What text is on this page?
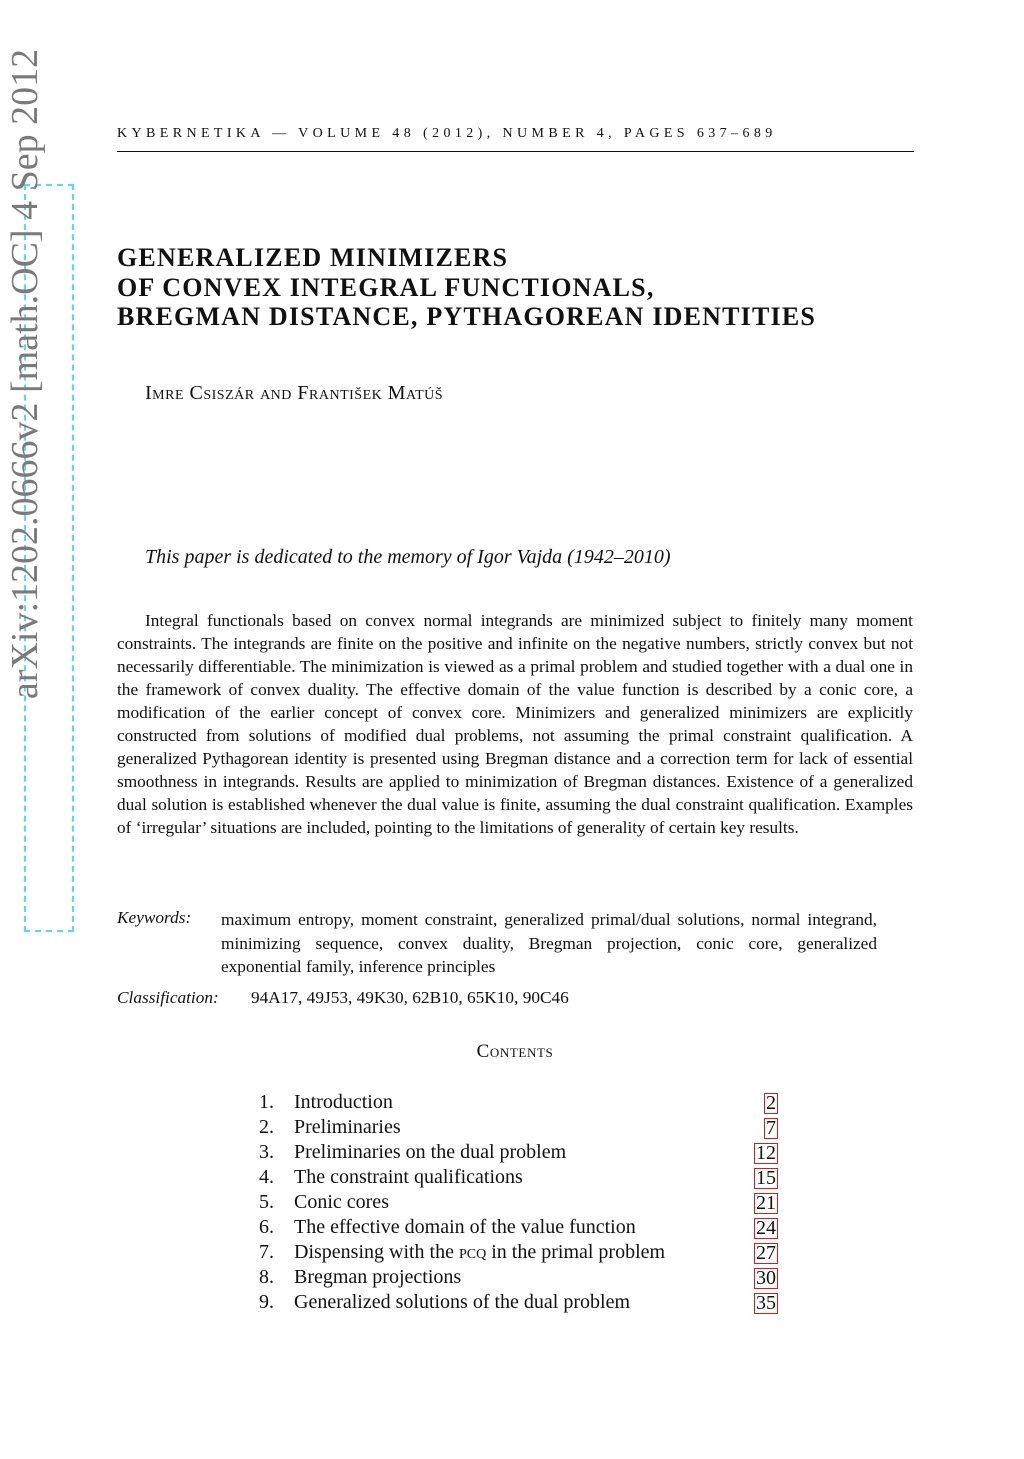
KYBERNETIKA — VOLUME 48 (2012), NUMBER 4, PAGES 637–689
arXiv:1202.0666v2 [math.OC] 4 Sep 2012	GENERALIZED MINIMIZERS
OF CONVEX INTEGRAL FUNCTIONALS,
BREGMAN DISTANCE, PYTHAGOREAN IDENTITIES
Imre Csiszár and František Matúš
This paper is dedicated to the memory of Igor Vajda (1942–2010)
Integral functionals based on convex normal integrands are minimized subject to finitely many moment constraints. The integrands are finite on the positive and infinite on the negative numbers, strictly convex but not necessarily differentiable. The minimization is viewed as a primal problem and studied together with a dual one in the framework of convex duality. The effective domain of the value function is described by a conic core, a modification of the earlier concept of convex core. Minimizers and generalized minimizers are explicitly constructed from solutions of modified dual problems, not assuming the primal constraint qualification. A generalized Pythagorean identity is presented using Bregman distance and a correction term for lack of essential smoothness in integrands. Results are applied to minimization of Bregman distances. Existence of a generalized dual solution is established whenever the dual value is finite, assuming the dual constraint qualification. Examples of ‘irregular’ situations are included, pointing to the limitations of generality of certain key results.
Keywords: maximum entropy, moment constraint, generalized primal/dual solutions, normal integrand, minimizing sequence, convex duality, Bregman projection, conic core, generalized exponential family, inference principles
Classification: 94A17, 49J53, 49K30, 62B10, 65K10, 90C46
Contents
1. Introduction	2
2. Preliminaries	7
3. Preliminaries on the dual problem	12
4. The constraint qualifications	15
5. Conic cores	21
6. The effective domain of the value function	24
7. Dispensing with the pcq in the primal problem	27
8. Bregman projections	30
9. Generalized solutions of the dual problem	35
